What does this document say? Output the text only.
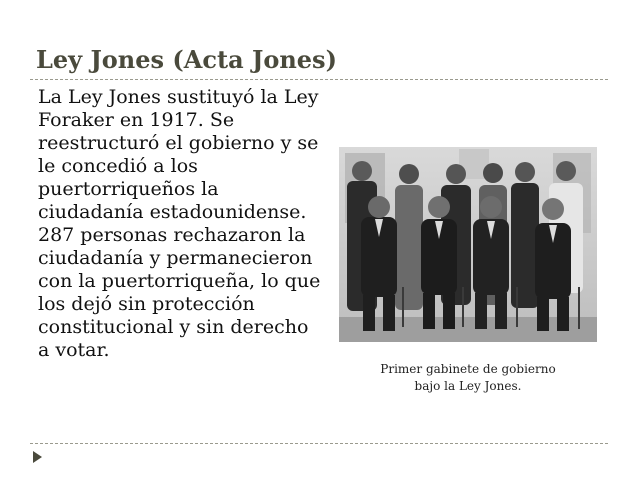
Ley Jones (Acta Jones)

La Ley Jones sustituyó la Ley Foraker en 1917. Se reestructuró el gobierno y se le concedió a los puertorriqueños la ciudadanía estadounidense. 287 personas rechazaron la ciudadanía y permanecieron con la puertorriqueña, lo que los dejó sin protección constitucional y sin derecho a votar.

Primer gabinete de gobierno
bajo la Ley Jones.
